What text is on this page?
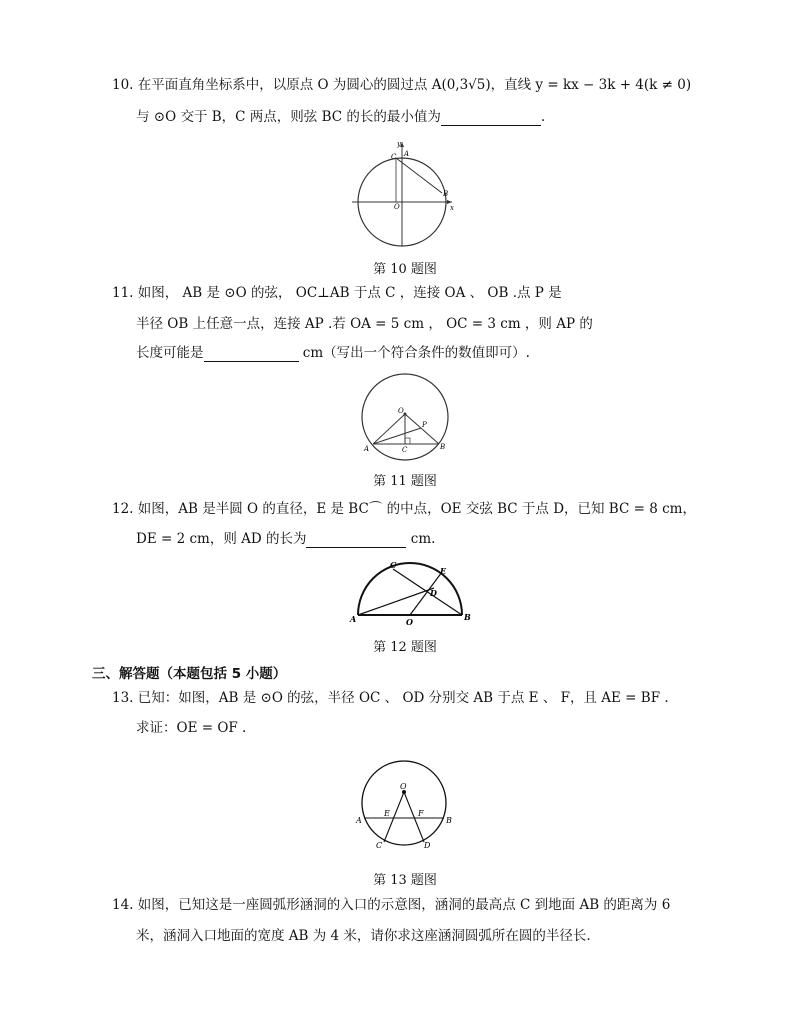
10. 在平面直角坐标系中，以原点 O 为圆心的圆过点 A(0,3√5)，直线 y = kx − 3k + 4(k ≠ 0)
与 ⊙O 交于 B，C 两点，则弦 BC 的长的最小值为	.
y
C A
O
B
x
第 10 题图
11. 如图， AB 是 ⊙O 的弦， OC⊥AB 于点 C ，连接 OA 、 OB .点 P 是
半径 OB 上任意一点，连接 AP .若 OA = 5 cm ， OC = 3 cm ，则 AP 的
长度可能是	cm（写出一个符合条件的数值即可）.
O
P
A	C	B
第 11 题图
12. 如图，AB 是半圆 O 的直径，E 是 BC⌒ 的中点，OE 交弦 BC 于点 D，已知 BC = 8 cm，
DE = 2 cm，则 AD 的长为	cm.
C
E
D
A	O	B
第 12 题图
三、解答题（本题包括 5 小题）
13. 已知：如图，AB 是 ⊙O 的弦，半径 OC 、 OD 分别交 AB 于点 E 、 F，且 AE = BF .
求证：OE = OF .
O
A
E	F
B
C	D
第 13 题图
14. 如图，已知这是一座圆弧形涵洞的入口的示意图，涵洞的最高点 C 到地面 AB 的距离为 6
米，涵洞入口地面的宽度 AB 为 4 米，请你求这座涵洞圆弧所在圆的半径长.
